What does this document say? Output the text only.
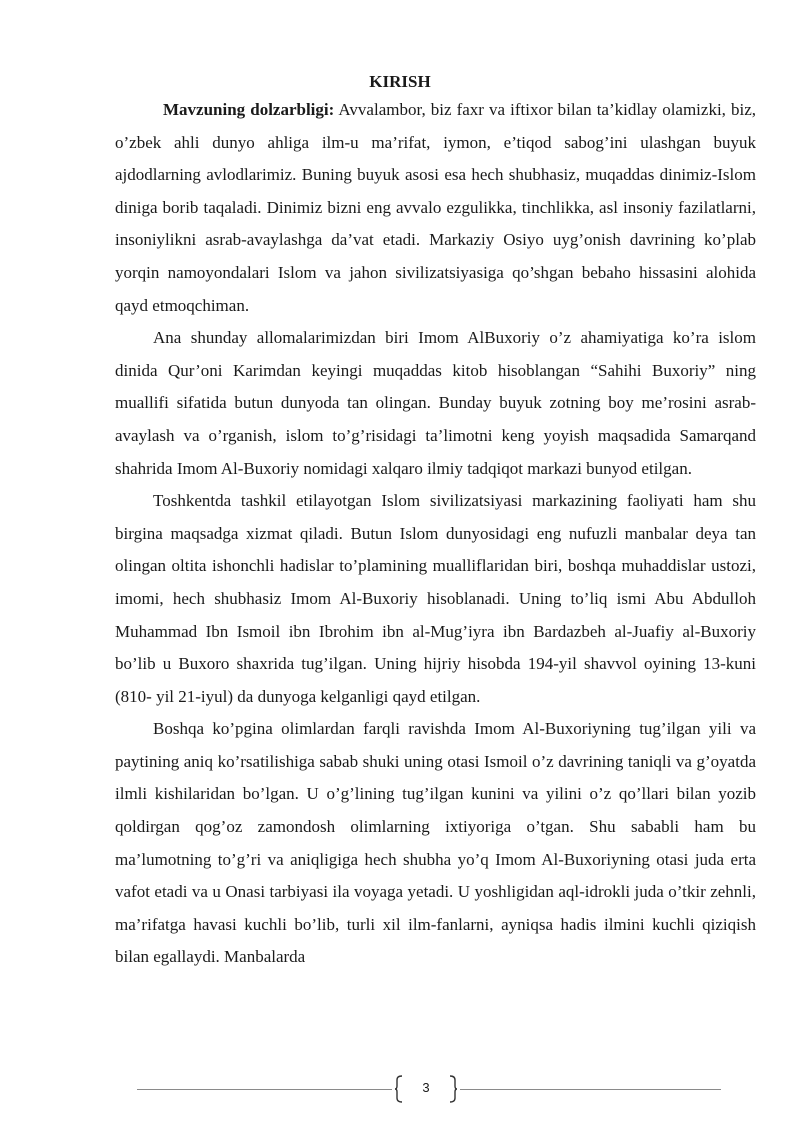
KIRISH

Mavzuning dolzarbligi: Avvalambor, biz faxr va iftixor bilan ta’kidlay olamizki, biz, o’zbek ahli dunyo ahliga ilm-u ma’rifat, iymon, e’tiqod sabog’ini ulashgan buyuk ajdodlarning avlodlarimiz. Buning buyuk asosi esa hech shubhasiz, muqaddas dinimiz-Islom diniga borib taqaladi. Dinimiz bizni eng avvalo ezgulikka, tinchlikka, asl insoniy fazilatlarni, insoniylikni asrab-avaylashga da’vat etadi. Markaziy Osiyo uyg’onish davrining ko’plab yorqin namoyondalari Islom va jahon sivilizatsiyasiga qo’shgan bebaho hissasini alohida qayd etmoqchiman.

Ana shunday allomalarimizdan biri Imom AlBuxoriy o’z ahamiyatiga ko’ra islom dinida Qur’oni Karimdan keyingi muqaddas kitob hisoblangan “Sahihi Buxoriy” ning muallifi sifatida butun dunyoda tan olingan. Bunday buyuk zotning boy me’rosini asrab-avaylash va o’rganish, islom to’g’risidagi ta’limotni keng yoyish maqsadida Samarqand shahrida Imom Al-Buxoriy nomidagi xalqaro ilmiy tadqiqot markazi bunyod etilgan.

Toshkentda tashkil etilayotgan Islom sivilizatsiyasi markazining faoliyati ham shu birgina maqsadga xizmat qiladi. Butun Islom dunyosidagi eng nufuzli manbalar deya tan olingan oltita ishonchli hadislar to’plamining mualliflaridan biri, boshqa muhaddislar ustozi, imomi, hech shubhasiz Imom Al-Buxoriy hisoblanadi. Uning to’liq ismi Abu Abdulloh Muhammad Ibn Ismoil ibn Ibrohim ibn al-Mug’iyra ibn Bardazbeh al-Juafiy al-Buxoriy bo’lib u Buxoro shaxrida tug’ilgan. Uning hijriy hisobda 194-yil shavvol oyining 13-kuni (810- yil 21-iyul) da dunyoga kelganligi qayd etilgan.

Boshqa ko’pgina olimlardan farqli ravishda Imom Al-Buxoriyning tug’ilgan yili va paytining aniq ko’rsatilishiga sabab shuki uning otasi Ismoil o’z davrining taniqli va g’oyatda ilmli kishilaridan bo’lgan. U o’g’lining tug’ilgan kunini va yilini o’z qo’llari bilan yozib qoldirgan qog’oz zamondosh olimlarning ixtiyoriga o’tgan. Shu sababli ham bu ma’lumotning to’g’ri va aniqligiga hech shubha yo’q Imom Al-Buxoriyning otasi juda erta vafot etadi va u Onasi tarbiyasi ila voyaga yetadi. U yoshligidan aql-idrokli juda o’tkir zehnli, ma’rifatga havasi kuchli bo’lib, turli xil ilm-fanlarni, ayniqsa hadis ilmini kuchli qiziqish bilan egallaydi. Manbalarda

3
